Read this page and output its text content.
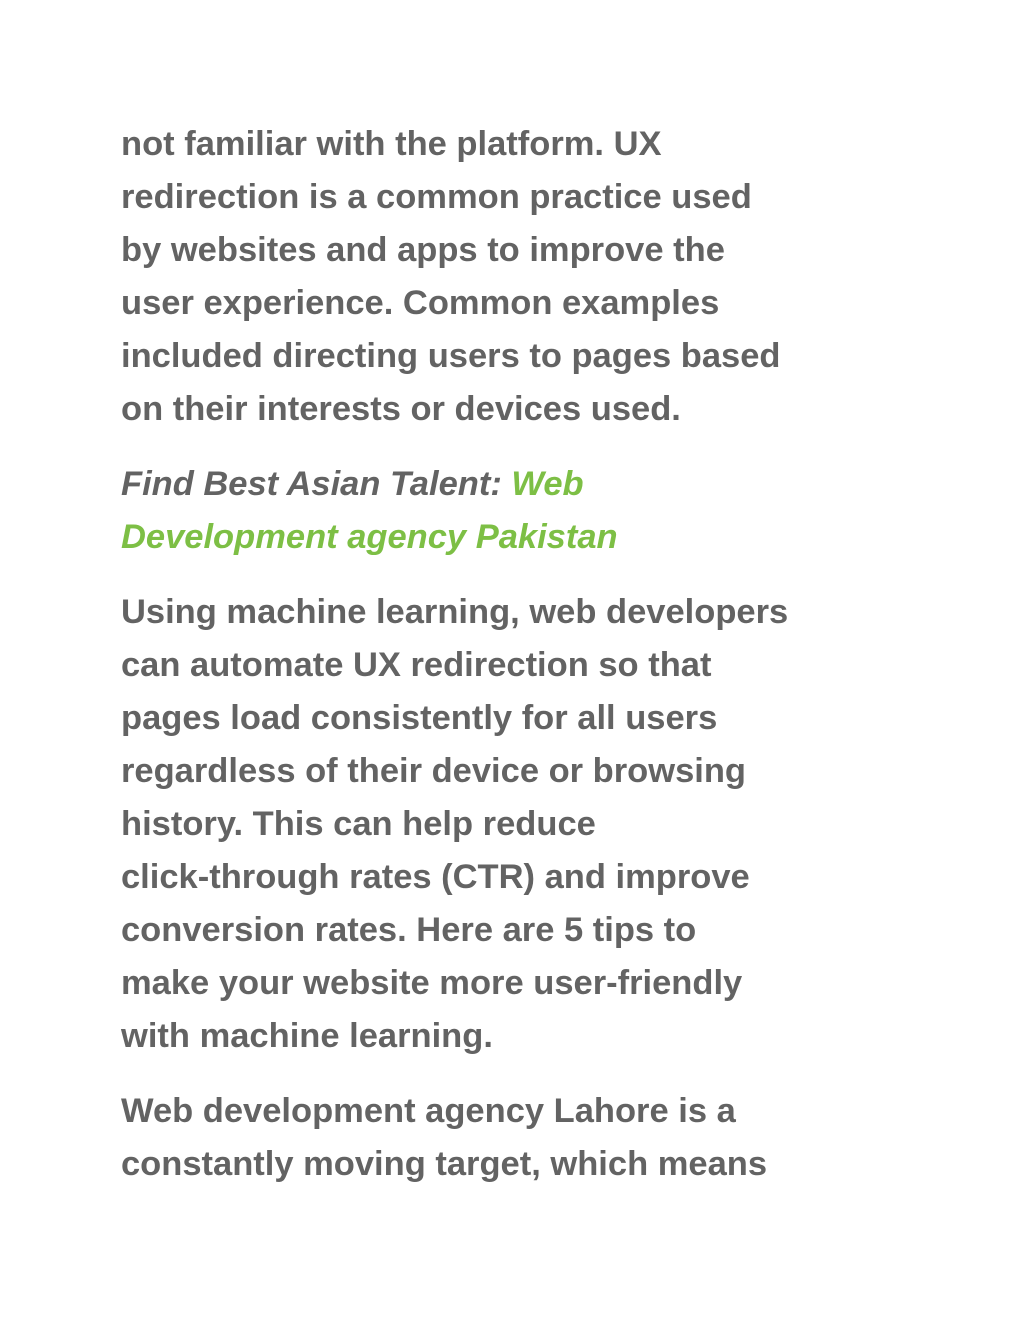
not familiar with the platform. UX
redirection is a common practice used
by websites and apps to improve the
user experience. Common examples
included directing users to pages based
on their interests or devices used.

Find Best Asian Talent: Web
Development agency Pakistan

Using machine learning, web developers
can automate UX redirection so that
pages load consistently for all users
regardless of their device or browsing
history. This can help reduce
click-through rates (CTR) and improve
conversion rates. Here are 5 tips to
make your website more user-friendly
with machine learning.

Web development agency Lahore is a
constantly moving target, which means
